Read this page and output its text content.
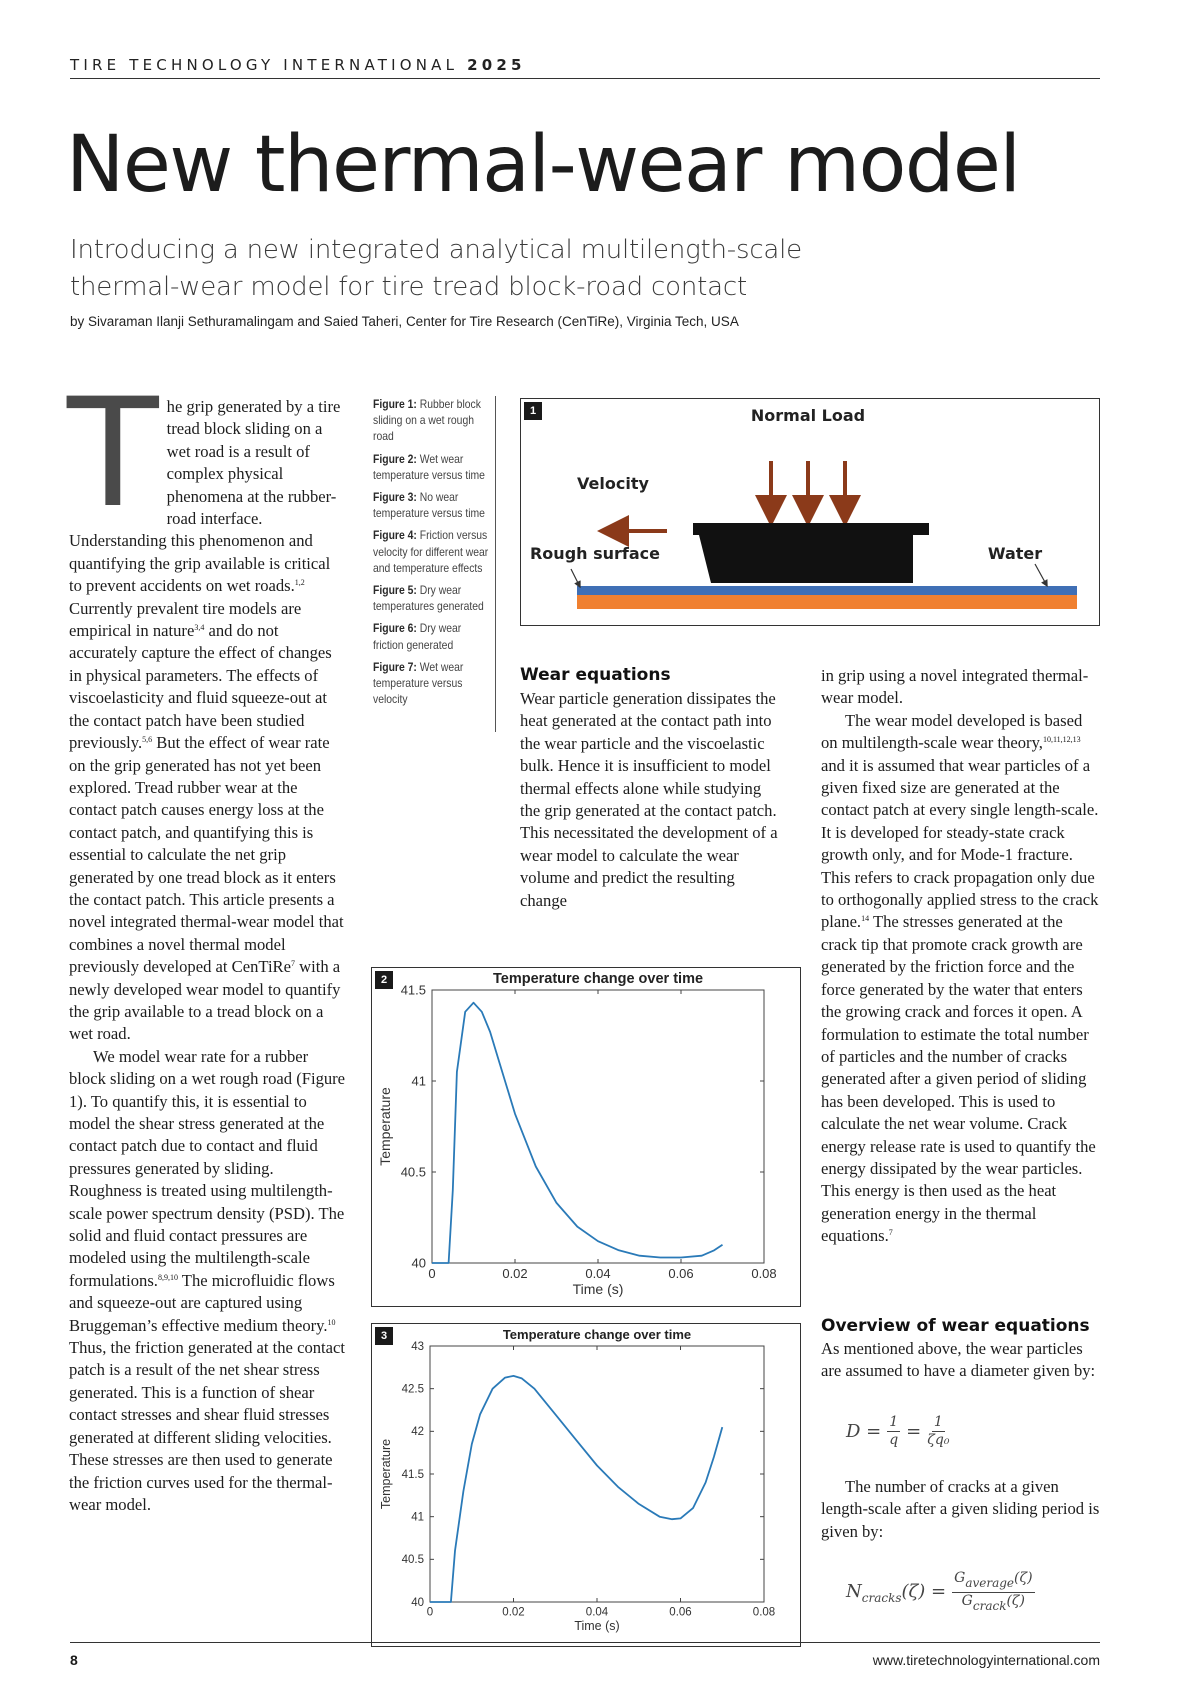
TIRE TECHNOLOGY INTERNATIONAL 2025
New thermal-wear model
Introducing a new integrated analytical multilength-scale thermal-wear model for tire tread block-road contact
by Sivaraman Ilanji Sethuramalingam and Saied Taheri, Center for Tire Research (CenTiRe), Virginia Tech, USA

The grip generated by a tire tread block sliding on a wet road is a result of complex physical phenomena at the rubber-road interface. Understanding this phenomenon and quantifying the grip available is critical to prevent accidents on wet roads.$^{1,2}$ Currently prevalent tire models are empirical in nature$^{3,4}$ and do not accurately capture the effect of changes in physical parameters. The effects of viscoelasticity and fluid squeeze-out at the contact patch have been studied previously.$^{5,6}$ But the effect of wear rate on the grip generated has not yet been explored. Tread rubber wear at the contact patch causes energy loss at the contact patch, and quantifying this is essential to calculate the net grip generated by one tread block as it enters the contact patch. This article presents a novel integrated thermal-wear model that combines a novel thermal model previously developed at CenTiRe$^7$ with a newly developed wear model to quantify the grip available to a tread block on a wet road.

We model wear rate for a rubber block sliding on a wet rough road (Figure 1). To quantify this, it is essential to model the shear stress generated at the contact patch due to contact and fluid pressures generated by sliding. Roughness is treated using multilength-scale power spectrum density (PSD). The solid and fluid contact pressures are modeled using the multilength-scale formulations.$^{8,9,10}$ The microfluidic flows and squeeze-out are captured using Bruggeman’s effective medium theory.$^{10}$ Thus, the friction generated at the contact patch is a result of the net shear stress generated. This is a function of shear contact stresses and shear fluid stresses generated at different sliding velocities. These stresses are then used to generate the friction curves used for the thermal-wear model.

Figure 1: Rubber block sliding on a wet rough road
Figure 2: Wet wear temperature versus time
Figure 3: No wear temperature versus time
Figure 4: Friction versus velocity for different wear and temperature effects
Figure 5: Dry wear temperatures generated
Figure 6: Dry wear friction generated
Figure 7: Wet wear temperature versus velocity
1	Normal Load
Velocity
Rough surface	Water
Wear equations

Wear particle generation dissipates the heat generated at the contact path into the wear particle and the viscoelastic bulk. Hence it is insufficient to model thermal effects alone while studying the grip generated at the contact patch. This necessitated the development of a wear model to calculate the wear volume and predict the resulting change

in grip using a novel integrated thermal-wear model.

The wear model developed is based on multilength-scale wear theory,$^{10,11,12,13}$ and it is assumed that wear particles of a given fixed size are generated at the contact patch at every single length-scale. It is developed for steady-state crack growth only, and for Mode-1 fracture. This refers to crack propagation only due to orthogonally applied stress to the crack plane.$^{14}$ The stresses generated at the crack tip that promote crack growth are generated by the friction force and the force generated by the water that enters the growing crack and forces it open. A formulation to estimate the total number of particles and the number of cracks generated after a given period of sliding has been developed. This is used to calculate the net wear volume. Crack energy release rate is used to quantify the energy dissipated by the wear particles. This energy is then used as the heat generation energy in the thermal equations.$^7$

Overview of wear equations
As mentioned above, the wear particles are assumed to have a diameter given by:
$D = \frac{1}{q} = \frac{1}{\text{ζq₀}}$

The number of cracks at a given length-scale after a given sliding period is given by:

$N_{cracks}(\zeta) = \frac{\text{Gaverage(ζ)}}{\text{Gcrack(ζ)}}$
2	Temperature change over time
0	0.02	0.04	0.06	0.08
40
40.5
41
41.5
Time (s)
Temperature
3	Temperature change over time
0	0.02	0.04	0.06	0.08
40
40.5
41
41.5
42
42.5
43
Time (s)
Temperature
8	www.tiretechnologyinternational.com
